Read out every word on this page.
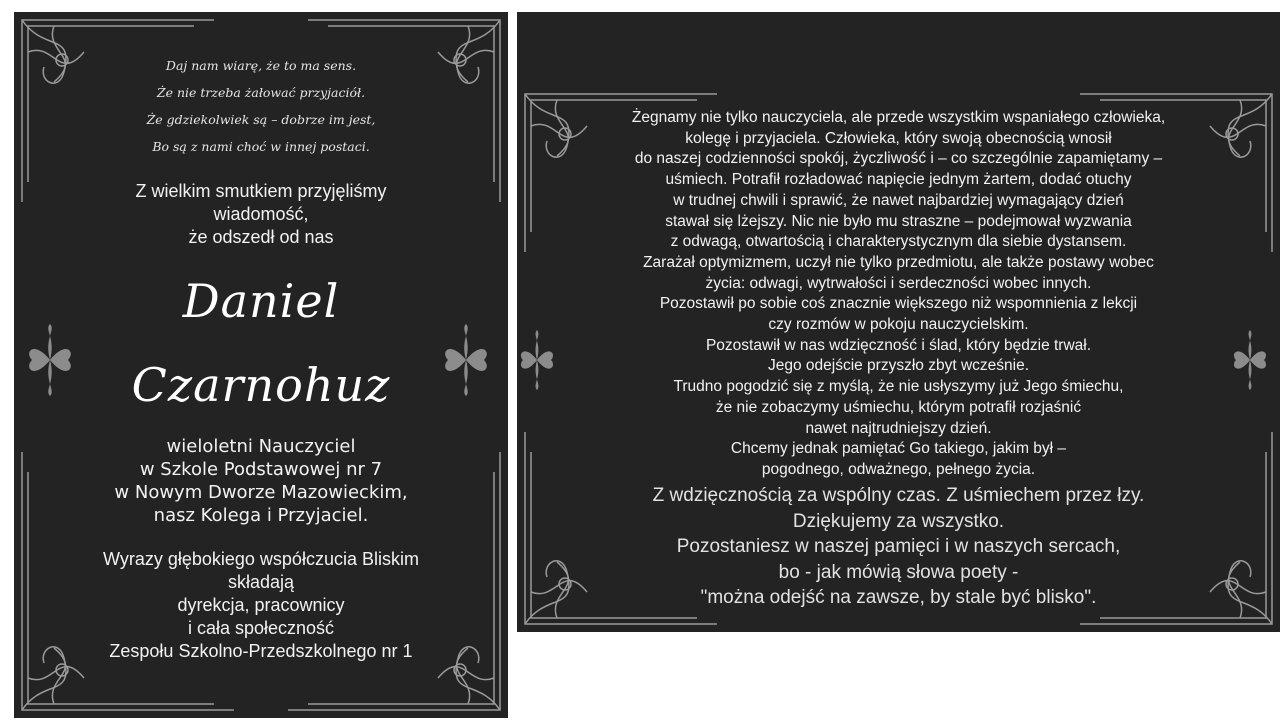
Daj nam wiarę, że to ma sens.
Że nie trzeba żałować przyjaciół.
Że gdziekolwiek są – dobrze im jest,
Bo są z nami choć w innej postaci.
Z wielkim smutkiem przyjęliśmy
wiadomość,
że odszedł od nas
Daniel
Czarnohuz
wieloletni Nauczyciel
w Szkole Podstawowej nr 7
w Nowym Dworze Mazowieckim,
nasz Kolega i Przyjaciel.
Wyrazy głębokiego współczucia Bliskim
składają
dyrekcja, pracownicy
i cała społeczność
Zespołu Szkolno-Przedszkolnego nr 1
Żegnamy nie tylko nauczyciela, ale przede wszystkim wspaniałego człowieka,
kolegę i przyjaciela. Człowieka, który swoją obecnością wnosił
do naszej codzienności spokój, życzliwość i – co szczególnie zapamiętamy –
uśmiech. Potrafił rozładować napięcie jednym żartem, dodać otuchy
w trudnej chwili i sprawić, że nawet najbardziej wymagający dzień
stawał się lżejszy. Nic nie było mu straszne – podejmował wyzwania
z odwagą, otwartością i charakterystycznym dla siebie dystansem.
Zarażał optymizmem, uczył nie tylko przedmiotu, ale także postawy wobec
życia: odwagi, wytrwałości i serdeczności wobec innych.
Pozostawił po sobie coś znacznie większego niż wspomnienia z lekcji
czy rozmów w pokoju nauczycielskim.
Pozostawił w nas wdzięczność i ślad, który będzie trwał.
Jego odejście przyszło zbyt wcześnie.
Trudno pogodzić się z myślą, że nie usłyszymy już Jego śmiechu,
że nie zobaczymy uśmiechu, którym potrafił rozjaśnić
nawet najtrudniejszy dzień.
Chcemy jednak pamiętać Go takiego, jakim był –
pogodnego, odważnego, pełnego życia.
Z wdzięcznością za wspólny czas. Z uśmiechem przez łzy.
Dziękujemy za wszystko.
Pozostaniesz w naszej pamięci i w naszych sercach,
bo - jak mówią słowa poety -
"można odejść na zawsze, by stale być blisko".
